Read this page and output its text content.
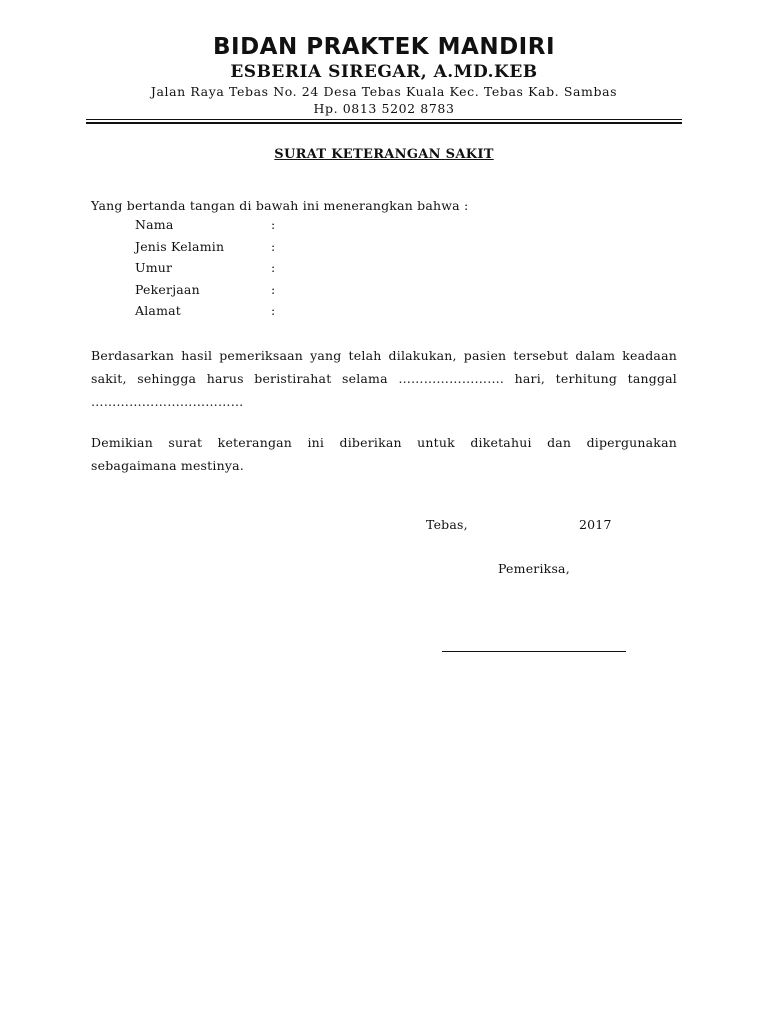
BIDAN PRAKTEK MANDIRI
ESBERIA SIREGAR, A.MD.KEB
Jalan Raya Tebas No. 24 Desa Tebas Kuala Kec. Tebas Kab. Sambas
Hp. 0813 5202 8783
SURAT KETERANGAN SAKIT
Yang bertanda tangan di bawah ini menerangkan bahwa :
Nama	:
Jenis Kelamin	:
Umur	:
Pekerjaan	:
Alamat	:
Berdasarkan hasil pemeriksaan yang telah dilakukan, pasien tersebut dalam keadaan sakit, sehingga harus beristirahat selama ……………………. hari, terhitung tanggal ………………………………
Demikian surat keterangan ini diberikan untuk diketahui dan dipergunakan sebagaimana mestinya.
Tebas,	2017
Pemeriksa,
